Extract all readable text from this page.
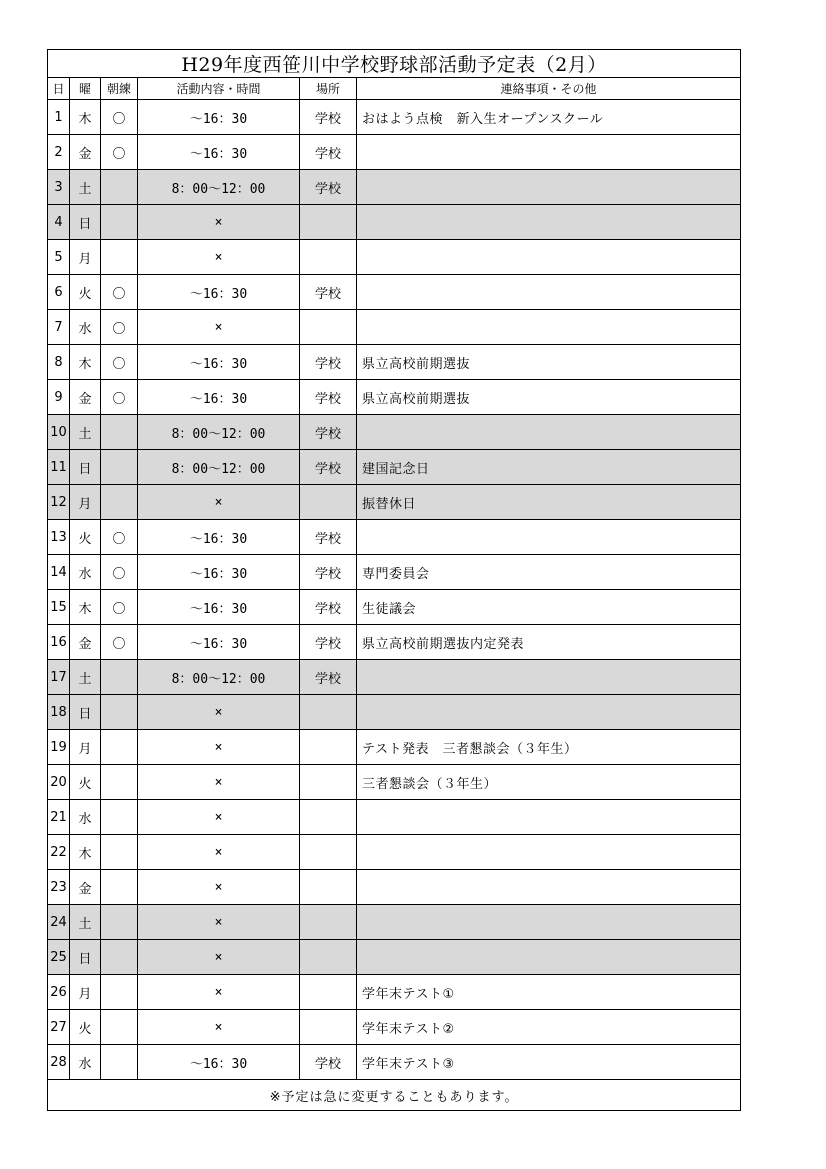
H29年度西笹川中学校野球部活動予定表（2月）					
日	曜	朝練	活動内容・時間	場所	連絡事項・その他
1	木	〇	～16：30	学校	おはよう点検　新入生オープンスクール
2	金	〇	～16：30	学校	
3	土		8：00～12：00	学校	
4	日		×		
5	月		×		
6	火	〇	～16：30	学校	
7	水	〇	×		
8	木	〇	～16：30	学校	県立高校前期選抜
9	金	〇	～16：30	学校	県立高校前期選抜
10	土		8：00～12：00	学校	
11	日		8：00～12：00	学校	建国記念日
12	月		×		振替休日
13	火	〇	～16：30	学校	
14	水	〇	～16：30	学校	専門委員会
15	木	〇	～16：30	学校	生徒議会
16	金	〇	～16：30	学校	県立高校前期選抜内定発表
17	土		8：00～12：00	学校	
18	日		×		
19	月		×		テスト発表　三者懇談会（３年生）
20	火		×		三者懇談会（３年生）
21	水		×		
22	木		×		
23	金		×		
24	土		×		
25	日		×		
26	月		×		学年末テスト①
27	火		×		学年末テスト②
28	水		～16：30	学校	学年末テスト③
※予定は急に変更することもあります。					
